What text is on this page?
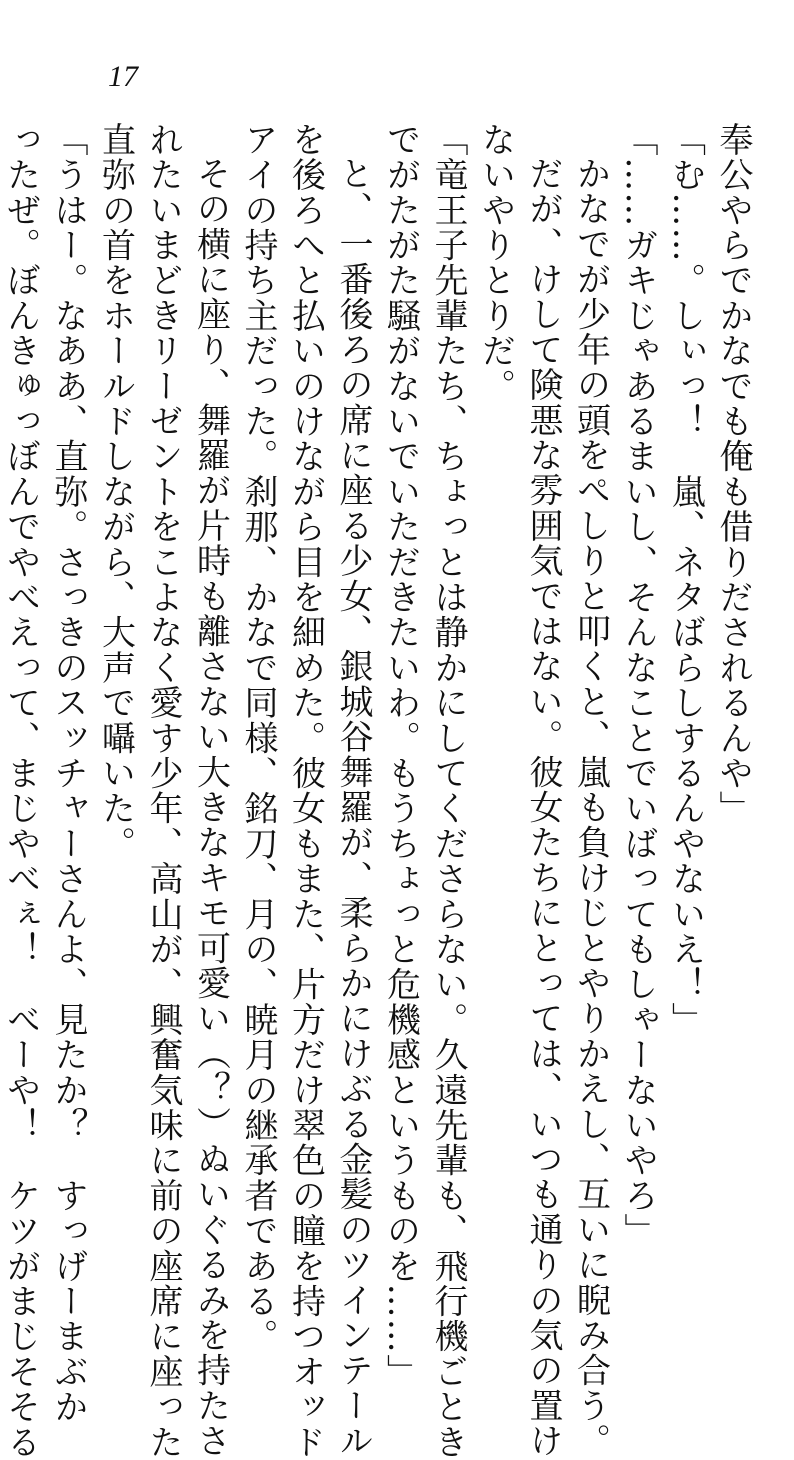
17
奉公やらでかなでも俺も借りだされるんや」
「む……。しぃっ！　嵐、ネタばらしするんやないえ！」
「……ガキじゃあるまいし、そんなことでいばってもしゃーないやろ」
かなでが少年の頭をぺしりと叩くと、嵐も負けじとやりかえし、互いに睨み合う。
だが、けして険悪な雰囲気ではない。彼女たちにとっては、いつも通りの気の置け
ないやりとりだ。
「竜王子先輩たち、ちょっとは静かにしてくださらない。久遠先輩も、飛行機ごとき
でがたがた騒がないでいただきたいわ。もうちょっと危機感というものを……」
と、一番後ろの席に座る少女、銀城谷舞羅が、柔らかにけぶる金髪のツインテール
を後ろへと払いのけながら目を細めた。彼女もまた、片方だけ翠色の瞳を持つオッド
アイの持ち主だった。刹那、かなで同様、銘刀、月の、暁月の継承者である。
その横に座り、舞羅が片時も離さない大きなキモ可愛い（？）ぬいぐるみを持たさ
れたいまどきリーゼントをこよなく愛す少年、高山が、興奮気味に前の座席に座った
直弥の首をホールドしながら、大声で囁いた。
「うはー。なああ、直弥。さっきのスッチャーさんよ、見たか？　すっげーまぶか
ったぜ。ぼんきゅっぼんでやべえって、まじやべぇ！　べーや！　ケツがまじそそる
